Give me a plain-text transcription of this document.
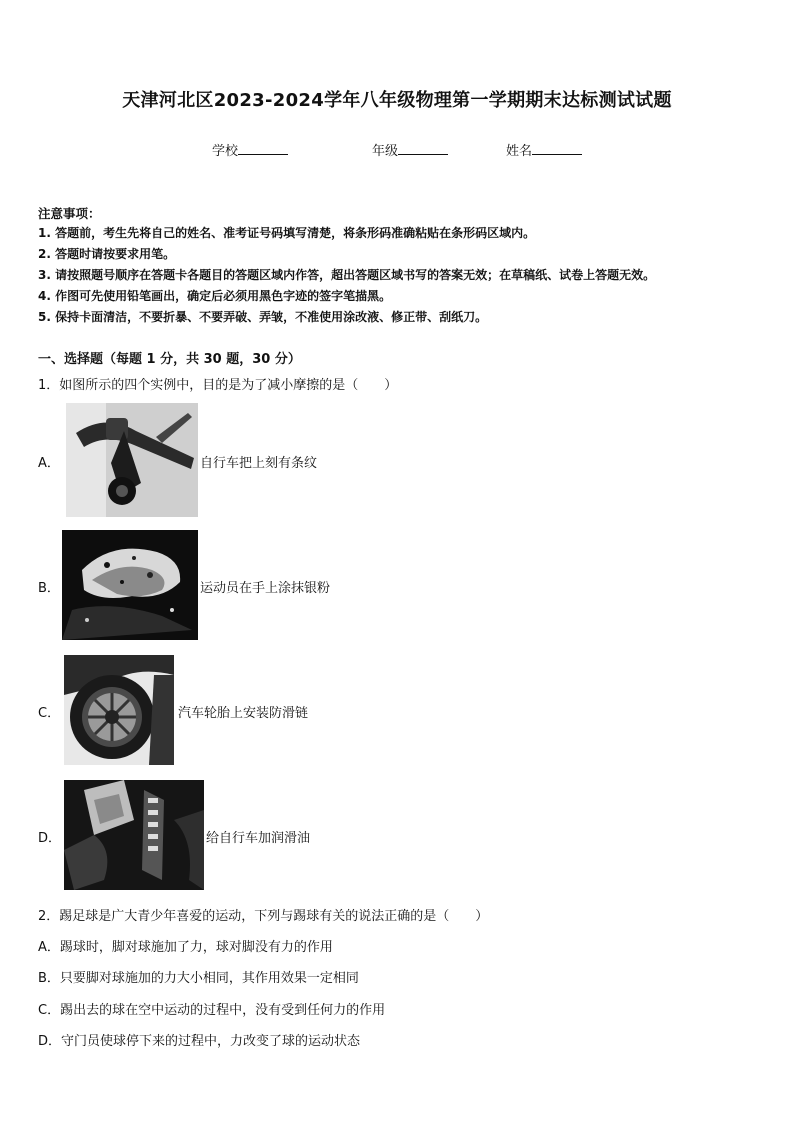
天津河北区2023-2024学年八年级物理第一学期期末达标测试试题
学校	年级	姓名
注意事项：
1. 答题前，考生先将自己的姓名、准考证号码填写清楚，将条形码准确粘贴在条形码区域内。
2. 答题时请按要求用笔。
3. 请按照题号顺序在答题卡各题目的答题区域内作答，超出答题区域书写的答案无效；在草稿纸、试卷上答题无效。
4. 作图可先使用铅笔画出，确定后必须用黑色字迹的签字笔描黑。
5. 保持卡面清洁，不要折暴、不要弄破、弄皱，不准使用涂改液、修正带、刮纸刀。
一、选择题（每题 1 分，共 30 题，30 分）
1．如图所示的四个实例中，目的是为了减小摩擦的是（　　）
A．	自行车把上刻有条纹
B．	运动员在手上涂抹银粉
C．	汽车轮胎上安装防滑链
D．	给自行车加润滑油
2．踢足球是广大青少年喜爱的运动，下列与踢球有关的说法正确的是（　　）
A．踢球时，脚对球施加了力，球对脚没有力的作用
B．只要脚对球施加的力大小相同，其作用效果一定相同
C．踢出去的球在空中运动的过程中，没有受到任何力的作用
D．守门员使球停下来的过程中，力改变了球的运动状态
